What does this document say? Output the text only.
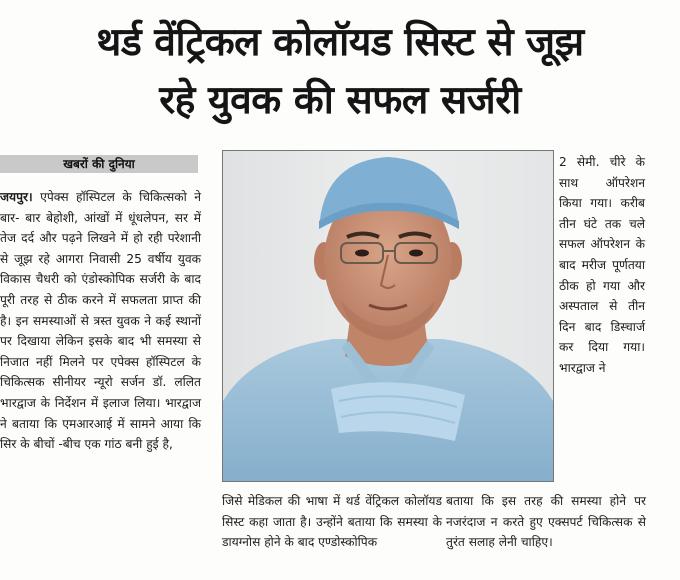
थर्ड वेंट्रिकल कोलॉयड सिस्ट से जूझ
रहे युवक की सफल सर्जरी
खबरों की दुनिया

जयपुर। एपेक्स हॉस्पिटल के चिकित्सको ने बार- बार बेहोशी, आंखों में धूंधलेपन, सर में तेज दर्द और पढ़ने लिखने में हो रही परेशानी से जूझ रहे आगरा निवासी 25 वर्षीय युवक विकास चैधरी को एंडोस्कोपिक सर्जरी के बाद पूरी तरह से ठीक करने में सफलता प्राप्त की है। इन समस्याओं से त्रस्त युवक ने कई स्थानों पर दिखाया लेकिन इसके बाद भी समस्या से निजात नहीं मिलने पर एपेक्स हॉस्पिटल के चिकित्सक सीनीयर न्यूरो सर्जन डॉ. ललित भारद्वाज के निर्देशन में इलाज लिया। भारद्वाज ने बताया कि एमआरआई में सामने आया कि सिर के बीचों -बीच एक गांठ बनी हुई है,

2 सेमी. चीरे के साथ ऑपरेशन किया गया। करीब तीन घंटे तक चले सफल ऑपरेशन के बाद मरीज पूर्णतया ठीक हो गया और अस्पताल से तीन दिन बाद डिस्चार्ज कर दिया गया। भारद्वाज ने

जिसे मेडिकल की भाषा में थर्ड वेंट्रिकल कोलॉयड सिस्ट कहा जाता है। उन्होंने बताया कि समस्या के डायग्नोस होने के बाद एण्डोस्कोपिक

बताया कि इस तरह की समस्या होने पर नजरंदाज न करते हुए एक्सपर्ट चिकित्सक से तुरंत सलाह लेनी चाहिए।
